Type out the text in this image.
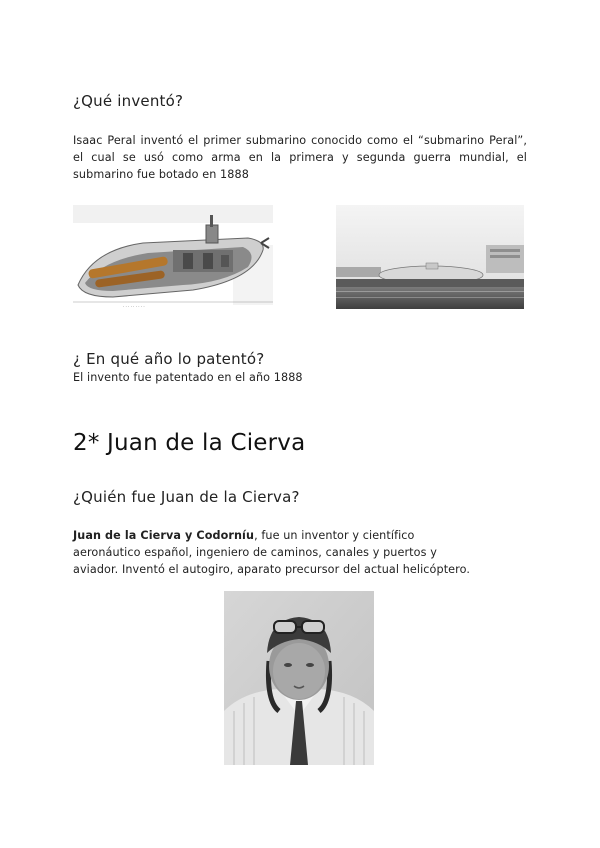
¿Qué inventó?
Isaac Peral inventó el primer submarino conocido como el “submarino Peral”, el cual se usó como arma en la primera y segunda guerra mundial, el submarino fue botado en 1888
· · · · · · · · ·
¿ En qué año lo patentó?
El invento fue patentado en el año 1888
2* Juan de la Cierva
¿Quién fue Juan de la Cierva?
Juan de la Cierva y Codorníu, fue un inventor y científico aeronáutico español, ingeniero de caminos, canales y puertos y aviador. Inventó el autogiro, aparato precursor del actual helicóptero.
